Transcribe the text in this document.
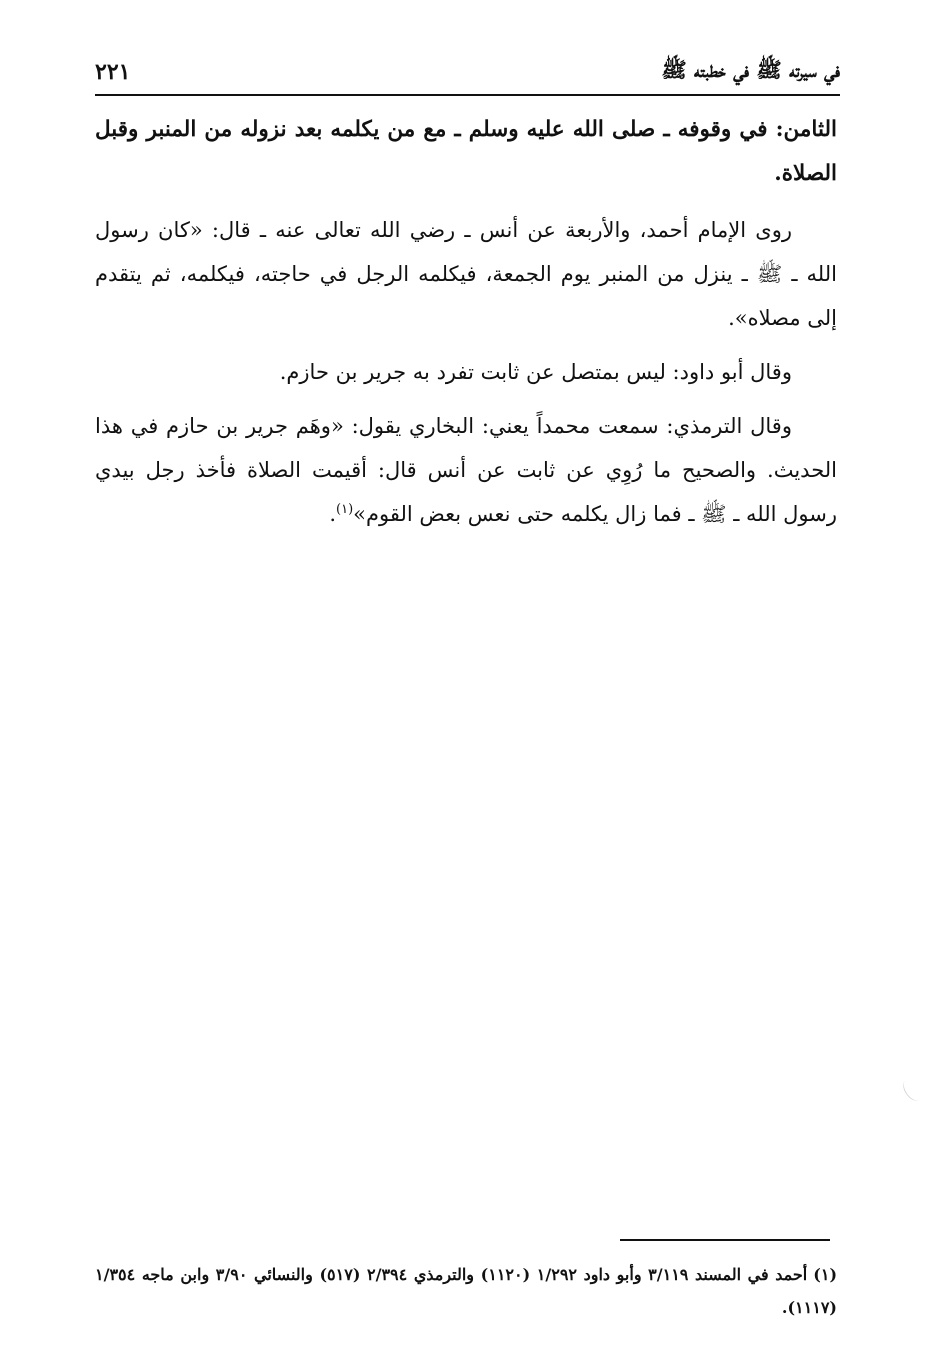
في سيرته ﷺ في خطبته ﷺ
٢٢١

الثامن: في وقوفه ـ صلى الله عليه وسلم ـ مع من يكلمه بعد نزوله من المنبر وقبل الصلاة.

روى الإمام أحمد، والأربعة عن أنس ـ رضي الله تعالى عنه ـ قال: «كان رسول الله ـ ﷺ ـ ينزل من المنبر يوم الجمعة، فيكلمه الرجل في حاجته، فيكلمه، ثم يتقدم إلى مصلاه».

وقال أبو داود: ليس بمتصل عن ثابت تفرد به جرير بن حازم.

وقال الترمذي: سمعت محمداً يعني: البخاري يقول: «وهَم جرير بن حازم في هذا الحديث. والصحيح ما رُوِي عن ثابت عن أنس قال: أقيمت الصلاة فأخذ رجل بيدي رسول الله ـ ﷺ ـ فما زال يكلمه حتى نعس بعض القوم»$^{(١)}$.

(١)أحمد في المسند ٣/١١٩ وأبو داود ١/٢٩٢ (١١٢٠) والترمذي ٢/٣٩٤ (٥١٧) والنسائي ٣/٩٠ وابن ماجه ١/٣٥٤ (١١١٧).
